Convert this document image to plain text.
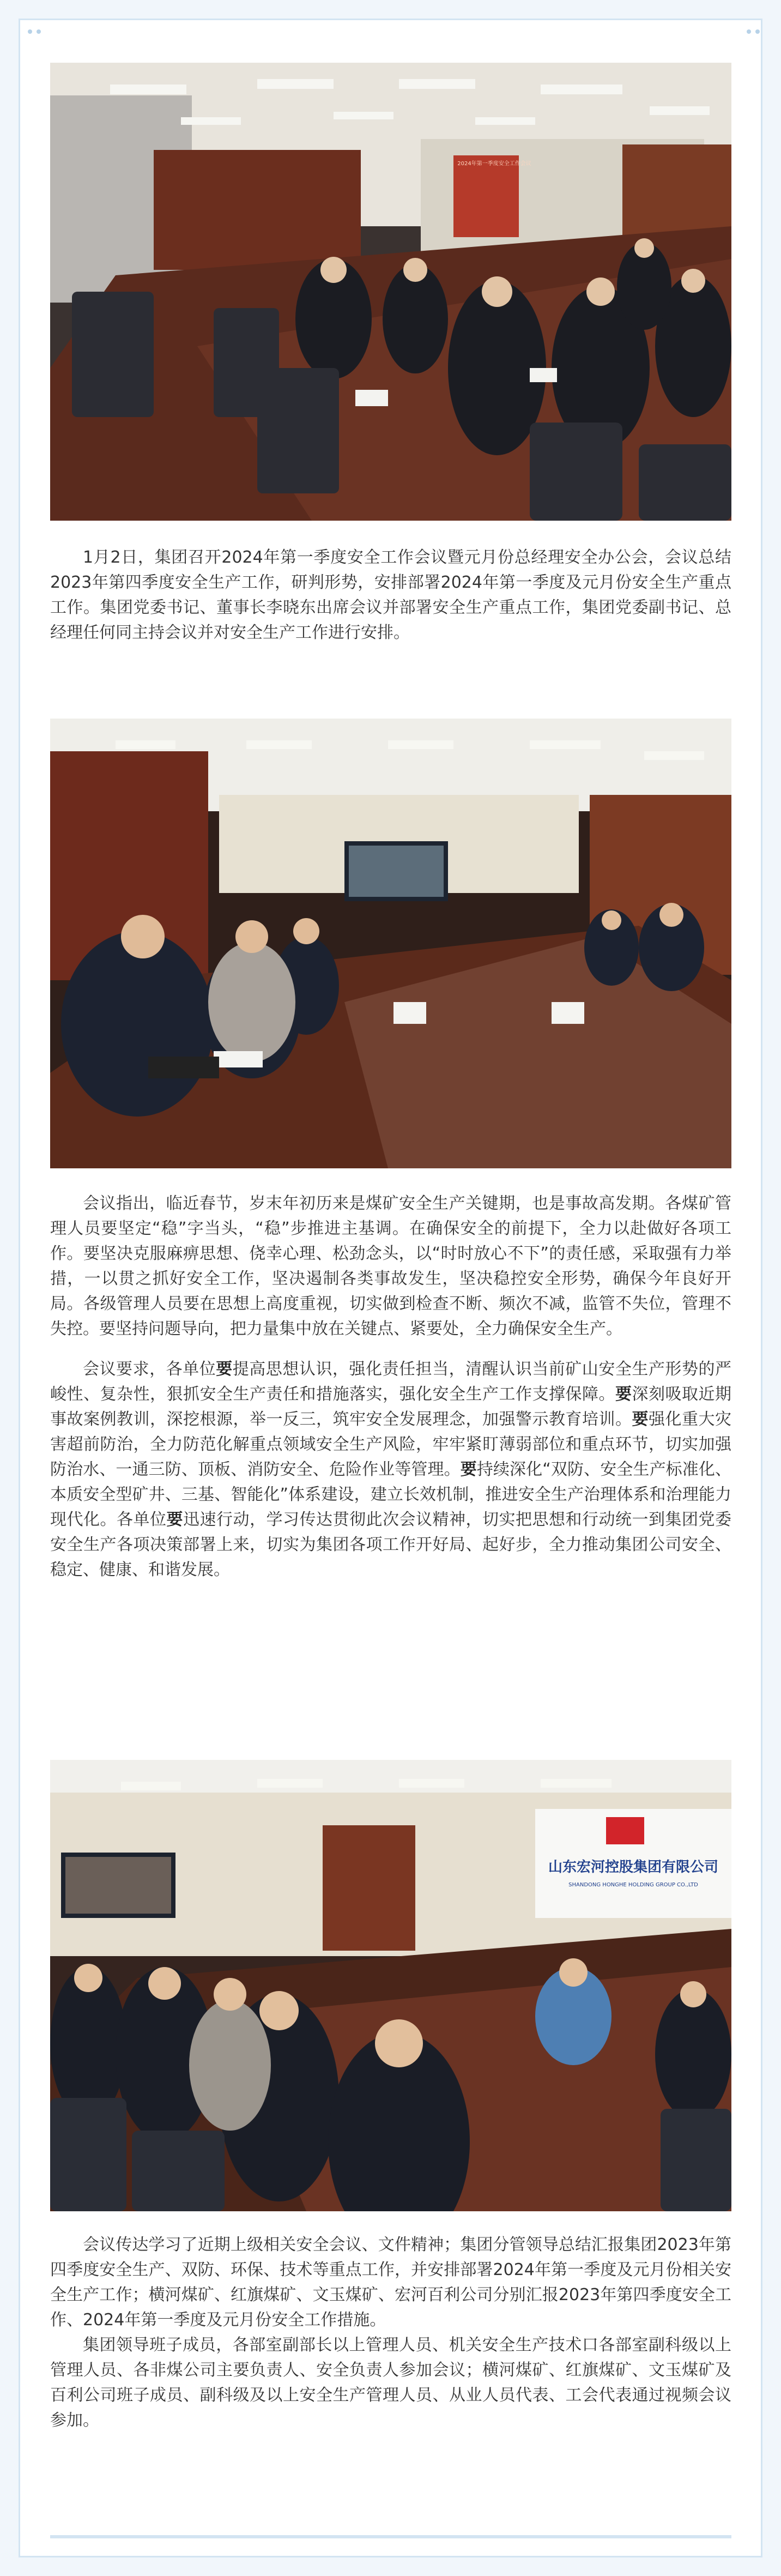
2024年第一季度安全工作会议

1月2日，集团召开2024年第一季度安全工作会议暨元月份总经理安全办公会，会议总结2023年第四季度安全生产工作，研判形势，安排部署2024年第一季度及元月份安全生产重点工作。集团党委书记、董事长李晓东出席会议并部署安全生产重点工作，集团党委副书记、总经理任何同主持会议并对安全生产工作进行安排。

会议指出，临近春节，岁末年初历来是煤矿安全生产关键期，也是事故高发期。各煤矿管理人员要坚定“稳”字当头，“稳”步推进主基调。在确保安全的前提下，全力以赴做好各项工作。要坚决克服麻痹思想、侥幸心理、松劲念头，以“时时放心不下”的责任感，采取强有力举措，一以贯之抓好安全工作，坚决遏制各类事故发生，坚决稳控安全形势，确保今年良好开局。各级管理人员要在思想上高度重视，切实做到检查不断、频次不减，监管不失位，管理不失控。要坚持问题导向，把力量集中放在关键点、紧要处，全力确保安全生产。

会议要求，各单位要提高思想认识，强化责任担当，清醒认识当前矿山安全生产形势的严峻性、复杂性，狠抓安全生产责任和措施落实，强化安全生产工作支撑保障。要深刻吸取近期事故案例教训，深挖根源，举一反三，筑牢安全发展理念，加强警示教育培训。要强化重大灾害超前防治，全力防范化解重点领域安全生产风险，牢牢紧盯薄弱部位和重点环节，切实加强防治水、一通三防、顶板、消防安全、危险作业等管理。要持续深化“双防、安全生产标准化、本质安全型矿井、三基、智能化”体系建设，建立长效机制，推进安全生产治理体系和治理能力现代化。各单位要迅速行动，学习传达贯彻此次会议精神，切实把思想和行动统一到集团党委安全生产各项决策部署上来，切实为集团各项工作开好局、起好步，全力推动集团公司安全、稳定、健康、和谐发展。

山东宏河控股集团有限公司
SHANDONG HONGHE HOLDING GROUP CO.,LTD

会议传达学习了近期上级相关安全会议、文件精神；集团分管领导总结汇报集团2023年第四季度安全生产、双防、环保、技术等重点工作，并安排部署2024年第一季度及元月份相关安全生产工作；横河煤矿、红旗煤矿、文玉煤矿、宏河百利公司分别汇报2023年第四季度安全工作、2024年第一季度及元月份安全工作措施。

集团领导班子成员，各部室副部长以上管理人员、机关安全生产技术口各部室副科级以上管理人员、各非煤公司主要负责人、安全负责人参加会议；横河煤矿、红旗煤矿、文玉煤矿及百利公司班子成员、副科级及以上安全生产管理人员、从业人员代表、工会代表通过视频会议参加。
